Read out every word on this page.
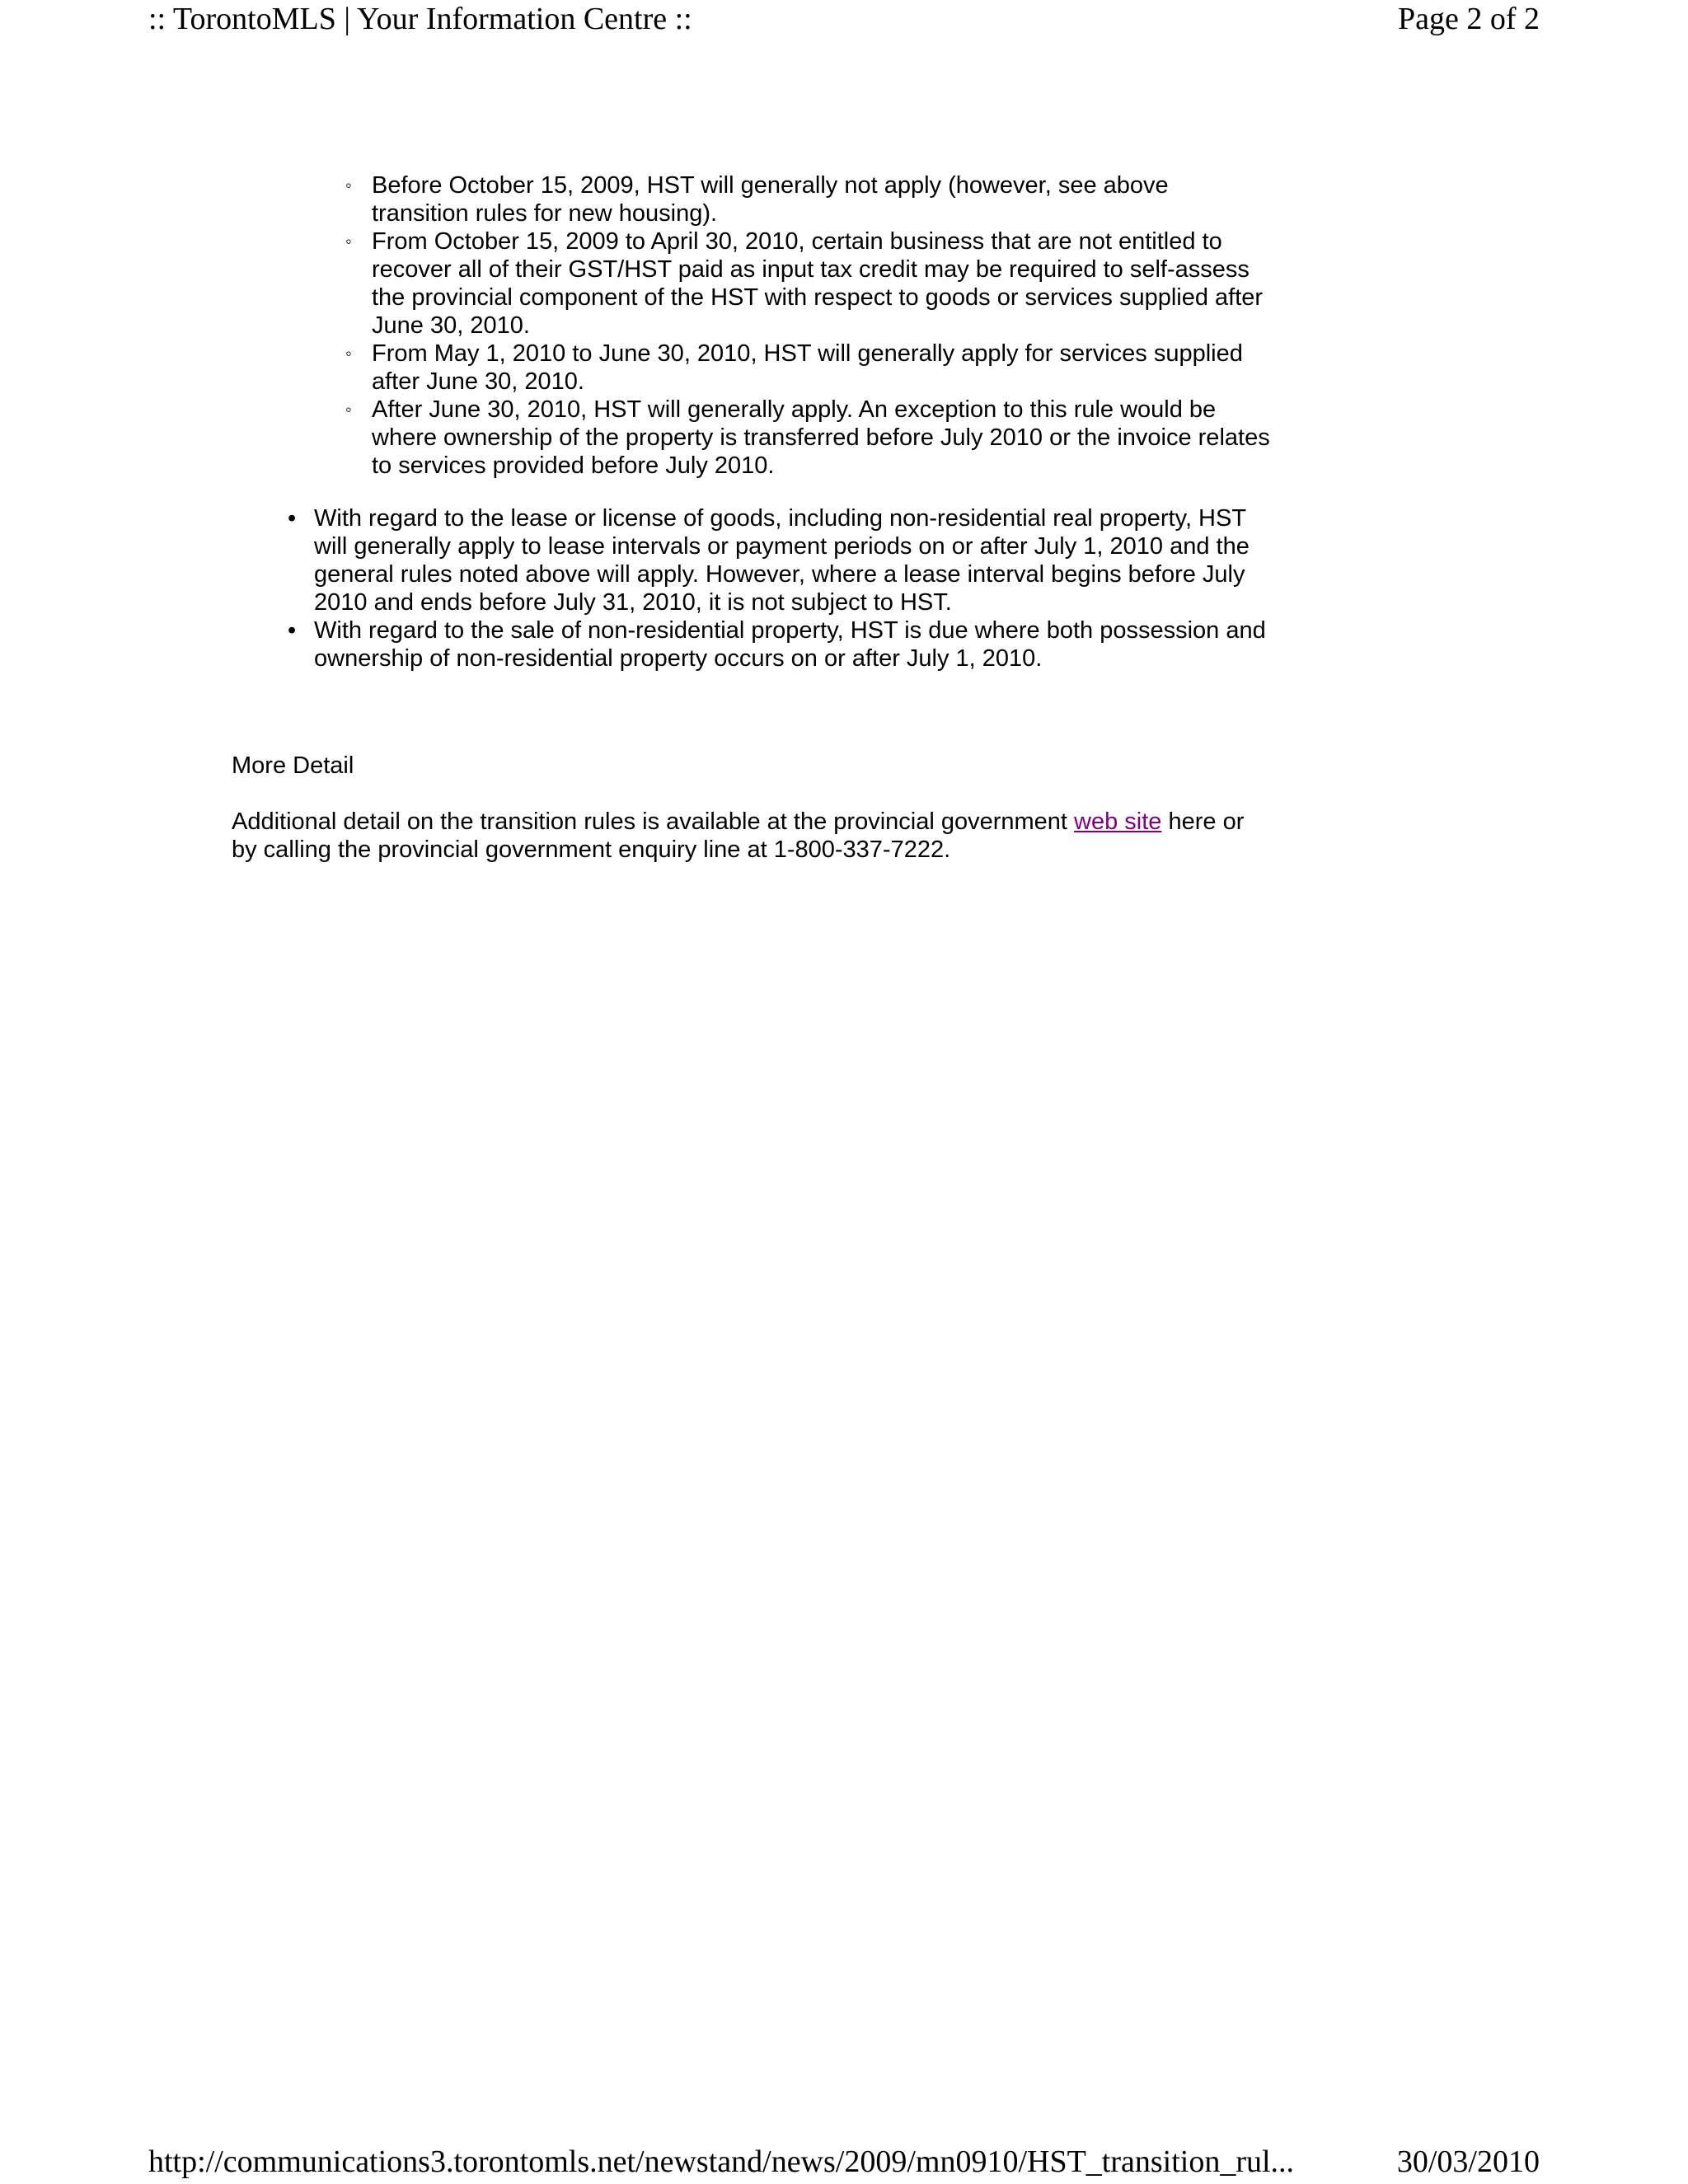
:: TorontoMLS | Your Information Centre ::	Page 2 of 2
◦ Before October 15, 2009, HST will generally not apply (however, see above transition rules for new housing).
◦ From October 15, 2009 to April 30, 2010, certain business that are not entitled to recover all of their GST/HST paid as input tax credit may be required to self-assess the provincial component of the HST with respect to goods or services supplied after June 30, 2010.
◦ From May 1, 2010 to June 30, 2010, HST will generally apply for services supplied after June 30, 2010.
◦ After June 30, 2010, HST will generally apply. An exception to this rule would be where ownership of the property is transferred before July 2010 or the invoice relates to services provided before July 2010.
• With regard to the lease or license of goods, including non-residential real property, HST will generally apply to lease intervals or payment periods on or after July 1, 2010 and the general rules noted above will apply. However, where a lease interval begins before July 2010 and ends before July 31, 2010, it is not subject to HST.
• With regard to the sale of non-residential property, HST is due where both possession and ownership of non-residential property occurs on or after July 1, 2010.
More Detail
Additional detail on the transition rules is available at the provincial government web site here or by calling the provincial government enquiry line at 1-800-337-7222.
http://communications3.torontomls.net/newstand/news/2009/mn0910/HST_transition_rul...	30/03/2010
